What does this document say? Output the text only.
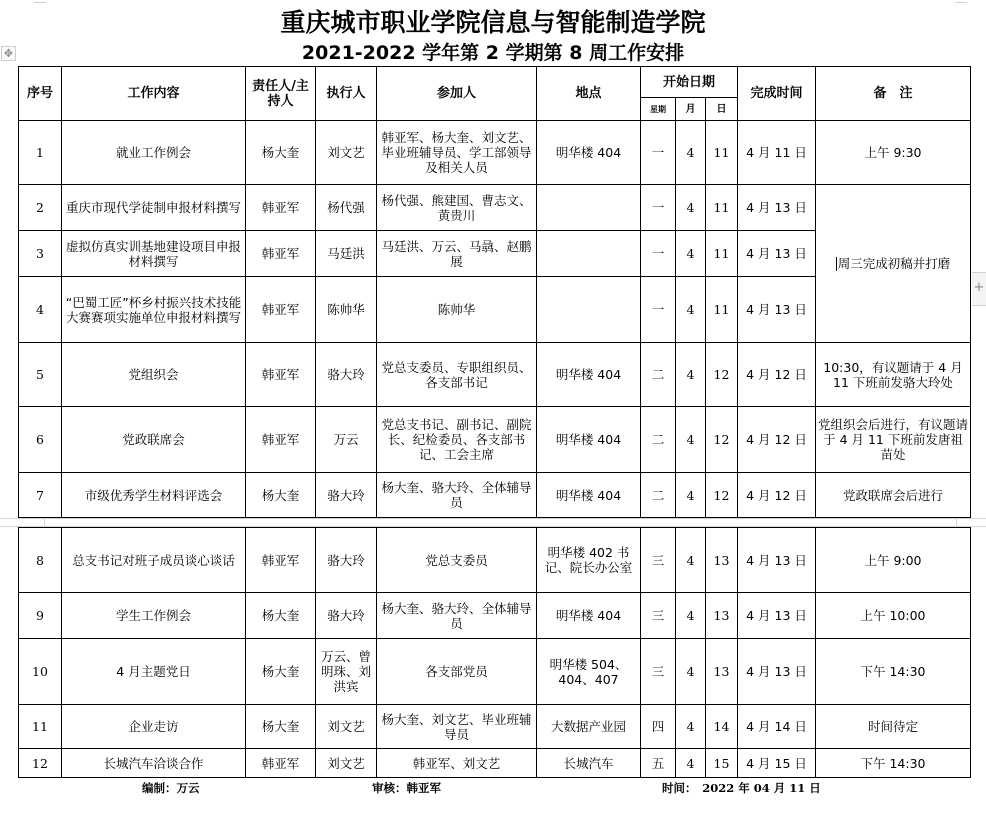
重庆城市职业学院信息与智能制造学院
2021-2022 学年第 2 学期第 8 周工作安排
✥
+
序号	工作内容	责任人/主持人	执行人	参加人	地点	开始日期			完成时间	备　注
						星期	月	日		
1	就业工作例会	杨大奎	刘文艺	韩亚军、杨大奎、刘文艺、毕业班辅导员、学工部领导及相关人员	明华楼 404	一	4	11	4 月 11 日	上午 9:30
2	重庆市现代学徒制申报材料撰写	韩亚军	杨代强	杨代强、熊建国、曹志文、黄贵川		一	4	11	4 月 13 日	周三完成初稿并打磨
3	虚拟仿真实训基地建设项目申报材料撰写	韩亚军	马廷洪	马廷洪、万云、马骉、赵鹏展		一	4	11	4 月 13 日	
4	“巴蜀工匠”杯乡村振兴技术技能大赛赛项实施单位申报材料撰写	韩亚军	陈帅华	陈帅华		一	4	11	4 月 13 日	
5	党组织会	韩亚军	骆大玲	党总支委员、专职组织员、各支部书记	明华楼 404	二	4	12	4 月 12 日	10:30，有议题请于 4 月 11 下班前发骆大玲处
6	党政联席会	韩亚军	万云	党总支书记、副书记、副院长、纪检委员、各支部书记、工会主席	明华楼 404	二	4	12	4 月 12 日	党组织会后进行，有议题请于 4 月 11 下班前发唐祖苗处
7	市级优秀学生材料评选会	杨大奎	骆大玲	杨大奎、骆大玲、全体辅导员	明华楼 404	二	4	12	4 月 12 日	党政联席会后进行
8	总支书记对班子成员谈心谈话	韩亚军	骆大玲	党总支委员	明华楼 402 书记、院长办公室	三	4	13	4 月 13 日	上午 9:00
9	学生工作例会	杨大奎	骆大玲	杨大奎、骆大玲、全体辅导员	明华楼 404	三	4	13	4 月 13 日	上午 10:00
10	4 月主题党日	杨大奎	万云、曾明珠、刘洪宾	各支部党员	明华楼 504、404、407	三	4	13	4 月 13 日	下午 14:30
11	企业走访	杨大奎	刘文艺	杨大奎、刘文艺、毕业班辅导员	大数据产业园	四	4	14	4 月 14 日	时间待定
12	长城汽车洽谈合作	韩亚军	刘文艺	韩亚军、刘文艺	长城汽车	五	4	15	4 月 15 日	下午 14:30
编制：万云	审核：韩亚军	时间：　2022 年 04 月 11 日
